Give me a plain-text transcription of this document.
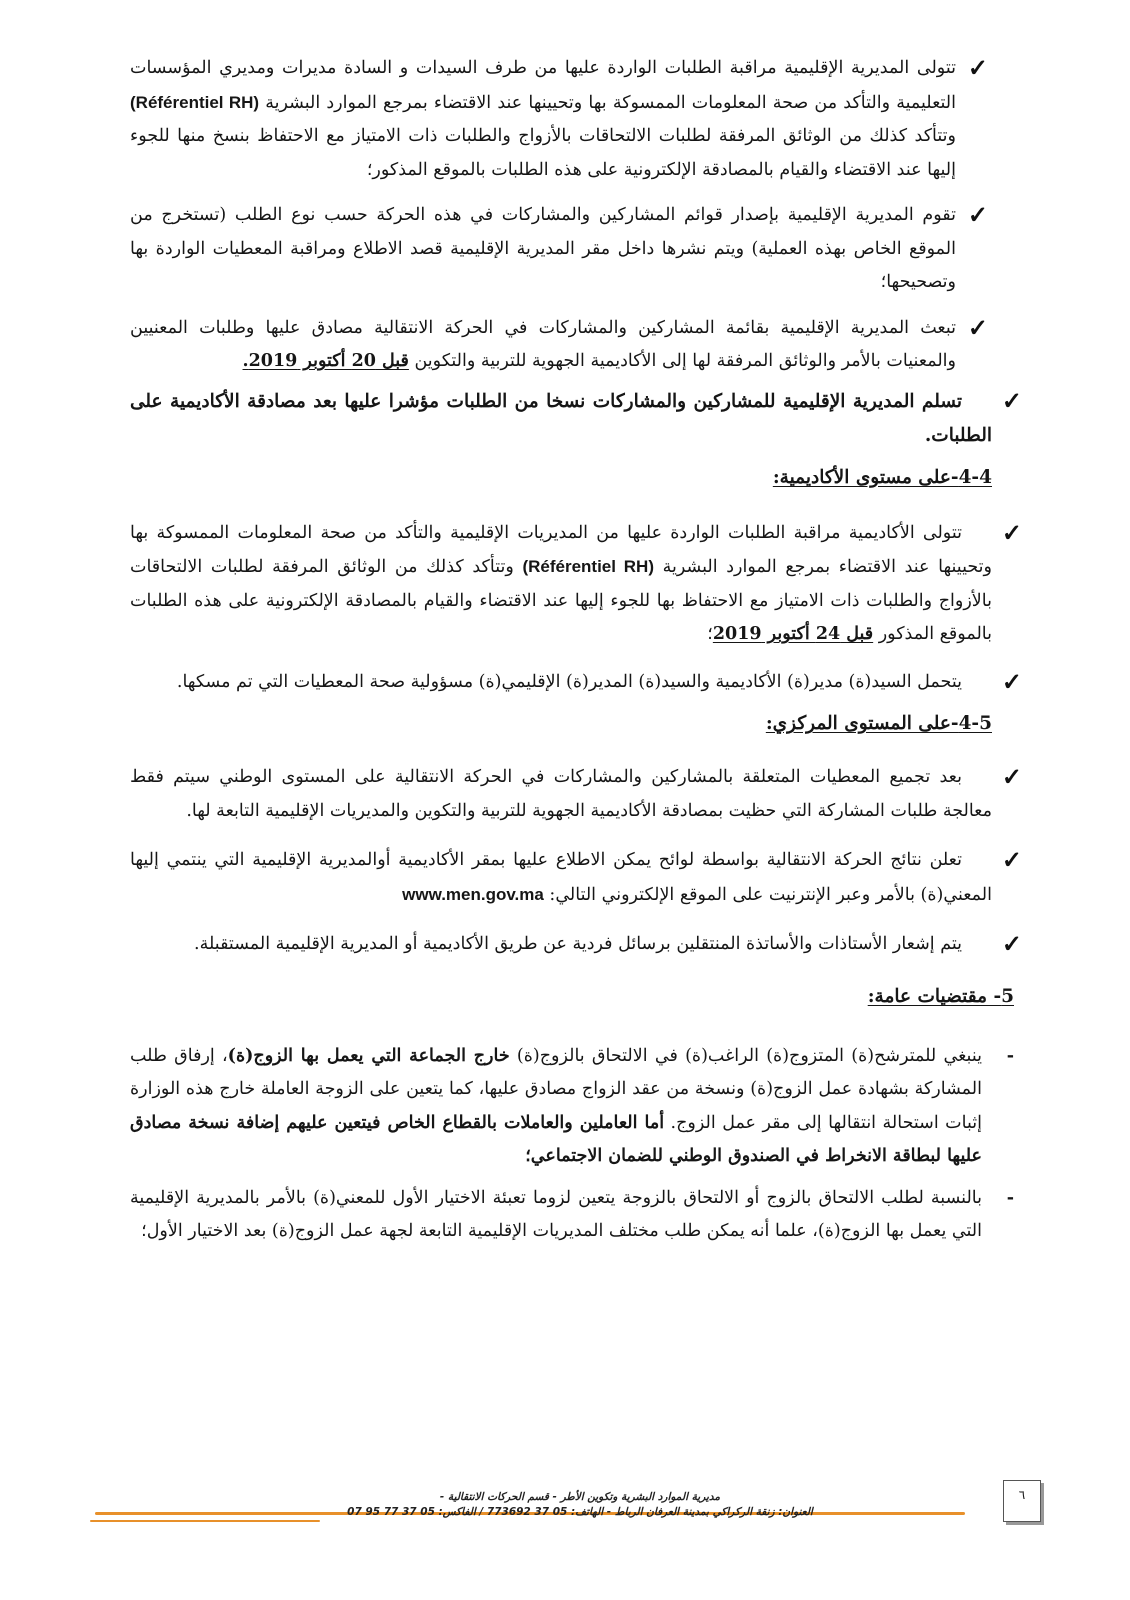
✓
تتولى المديرية الإقليمية مراقبة الطلبات الواردة عليها من طرف السيدات و السادة مديرات ومديري المؤسسات التعليمية والتأكد من صحة المعلومات الممسوكة بها وتحيينها عند الاقتضاء بمرجع الموارد البشرية (Référentiel RH) وتتأكد كذلك من الوثائق المرفقة لطلبات الالتحاقات بالأزواج والطلبات ذات الامتياز مع الاحتفاظ بنسخ منها للجوء إليها عند الاقتضاء والقيام بالمصادقة الإلكترونية على هذه الطلبات بالموقع المذكور؛

✓
تقوم المديرية الإقليمية بإصدار قوائم المشاركين والمشاركات في هذه الحركة حسب نوع الطلب (تستخرج من الموقع الخاص بهذه العملية) ويتم نشرها داخل مقر المديرية الإقليمية قصد الاطلاع ومراقبة المعطيات الواردة بها وتصحيحها؛

✓
تبعث المديرية الإقليمية بقائمة المشاركين والمشاركات في الحركة الانتقالية مصادق عليها وطلبات المعنيين والمعنيات بالأمر والوثائق المرفقة لها إلى الأكاديمية الجهوية للتربية والتكوين قبل 20 أكتوبر 2019.

✓
تسلم المديرية الإقليمية للمشاركين والمشاركات نسخا من الطلبات مؤشرا عليها بعد مصادقة الأكاديمية على الطلبات.

4-4-على مستوى الأكاديمية:

✓
تتولى الأكاديمية مراقبة الطلبات الواردة عليها من المديريات الإقليمية والتأكد من صحة المعلومات الممسوكة بها وتحيينها عند الاقتضاء بمرجع الموارد البشرية (Référentiel RH) وتتأكد كذلك من الوثائق المرفقة لطلبات الالتحاقات بالأزواج والطلبات ذات الامتياز مع الاحتفاظ بها للجوء إليها عند الاقتضاء والقيام بالمصادقة الإلكترونية على هذه الطلبات بالموقع المذكور قبل 24 أكتوبر 2019؛

✓
يتحمل السيد(ة) مدير(ة) الأكاديمية والسيد(ة) المدير(ة) الإقليمي(ة) مسؤولية صحة المعطيات التي تم مسكها.

4-5-على المستوى المركزي:

✓
بعد تجميع المعطيات المتعلقة بالمشاركين والمشاركات في الحركة الانتقالية على المستوى الوطني سيتم فقط معالجة طلبات المشاركة التي حظيت بمصادقة الأكاديمية الجهوية للتربية والتكوين والمديريات الإقليمية التابعة لها.

✓
تعلن نتائج الحركة الانتقالية بواسطة لوائح يمكن الاطلاع عليها بمقر الأكاديمية أوالمديرية الإقليمية التي ينتمي إليها المعني(ة) بالأمر وعبر الإنترنيت على الموقع الإلكتروني التالي: www.men.gov.ma

✓
يتم إشعار الأستاذات والأساتذة المنتقلين برسائل فردية عن طريق الأكاديمية أو المديرية الإقليمية المستقبلة.

5- مقتضيات عامة:

-
ينبغي للمترشح(ة) المتزوج(ة) الراغب(ة) في الالتحاق بالزوج(ة) خارج الجماعة التي يعمل بها الزوج(ة)، إرفاق طلب المشاركة بشهادة عمل الزوج(ة) ونسخة من عقد الزواج مصادق عليها، كما يتعين على الزوجة العاملة خارج هذه الوزارة إثبات استحالة انتقالها إلى مقر عمل الزوج. أما العاملين والعاملات بالقطاع الخاص فيتعين عليهم إضافة نسخة مصادق عليها لبطاقة الانخراط في الصندوق الوطني للضمان الاجتماعي؛
-
بالنسبة لطلب الالتحاق بالزوج أو الالتحاق بالزوجة يتعين لزوما تعبئة الاختيار الأول للمعني(ة) بالأمر بالمديرية الإقليمية التي يعمل بها الزوج(ة)، علما أنه يمكن طلب مختلف المديريات الإقليمية التابعة لجهة عمل الزوج(ة) بعد الاختيار الأول؛
مديرية الموارد البشرية وتكوين الأطر - قسم الحركات الانتقالية -
العنوان: زنقة الركراكي بمدينة العرفان الرباط - الهاتف: 05 37 773692 / الفاكس: 05 37 77 95 07
٦
